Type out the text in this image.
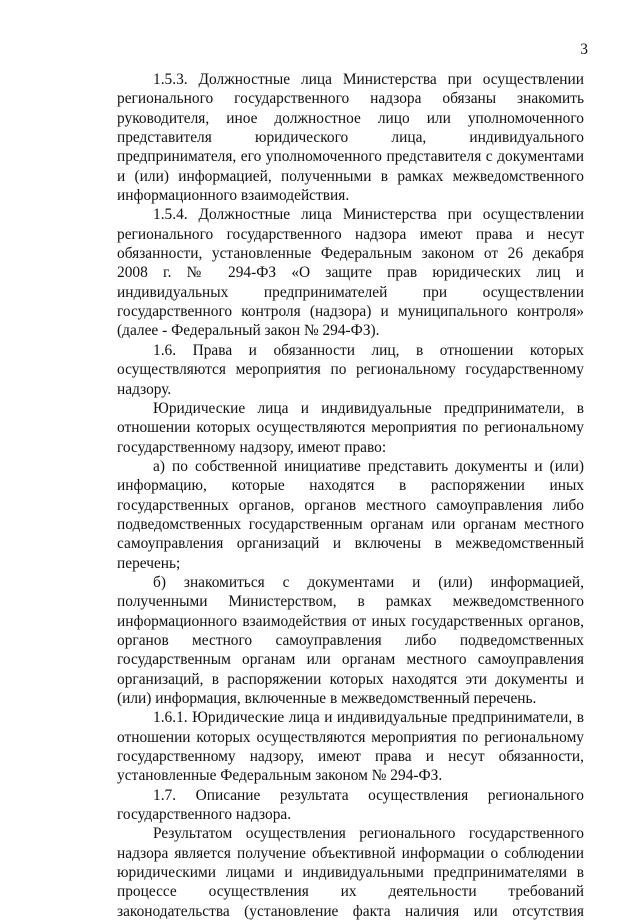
3

1.5.3. Должностные лица Министерства при осуществлении регионального государственного надзора обязаны знакомить руководителя, иное должностное лицо или уполномоченного представителя юридического лица, индивидуального предпринимателя, его уполномоченного представителя с документами и (или) информацией, полученными в рамках межведомственного информационного взаимодействия.

1.5.4. Должностные лица Министерства при осуществлении регионального государственного надзора имеют права и несут обязанности, установленные Федеральным законом от 26 декабря 2008 г. № 294-ФЗ «О защите прав юридических лиц и индивидуальных предпринимателей при осуществлении государственного контроля (надзора) и муниципального контроля» (далее - Федеральный закон № 294-ФЗ).

1.6. Права и обязанности лиц, в отношении которых осуществляются мероприятия по региональному государственному надзору.

Юридические лица и индивидуальные предприниматели, в отношении которых осуществляются мероприятия по региональному государственному надзору, имеют право:

а) по собственной инициативе представить документы и (или) информацию, которые находятся в распоряжении иных государственных органов, органов местного самоуправления либо подведомственных государственным органам или органам местного самоуправления организаций и включены в межведомственный перечень;

б) знакомиться с документами и (или) информацией, полученными Министерством, в рамках межведомственного информационного взаимодействия от иных государственных органов, органов местного самоуправления либо подведомственных государственным органам или органам местного самоуправления организаций, в распоряжении которых находятся эти документы и (или) информация, включенные в межведомственный перечень.

1.6.1. Юридические лица и индивидуальные предприниматели, в отношении которых осуществляются мероприятия по региональному государственному надзору, имеют права и несут обязанности, установленные Федеральным законом № 294-ФЗ.

1.7. Описание результата осуществления регионального государственного надзора.

Результатом осуществления регионального государственного надзора является получение объективной информации о соблюдении юридическими лицами и индивидуальными предпринимателями в процессе осуществления их деятельности требований законодательства (установление факта наличия или отсутствия
